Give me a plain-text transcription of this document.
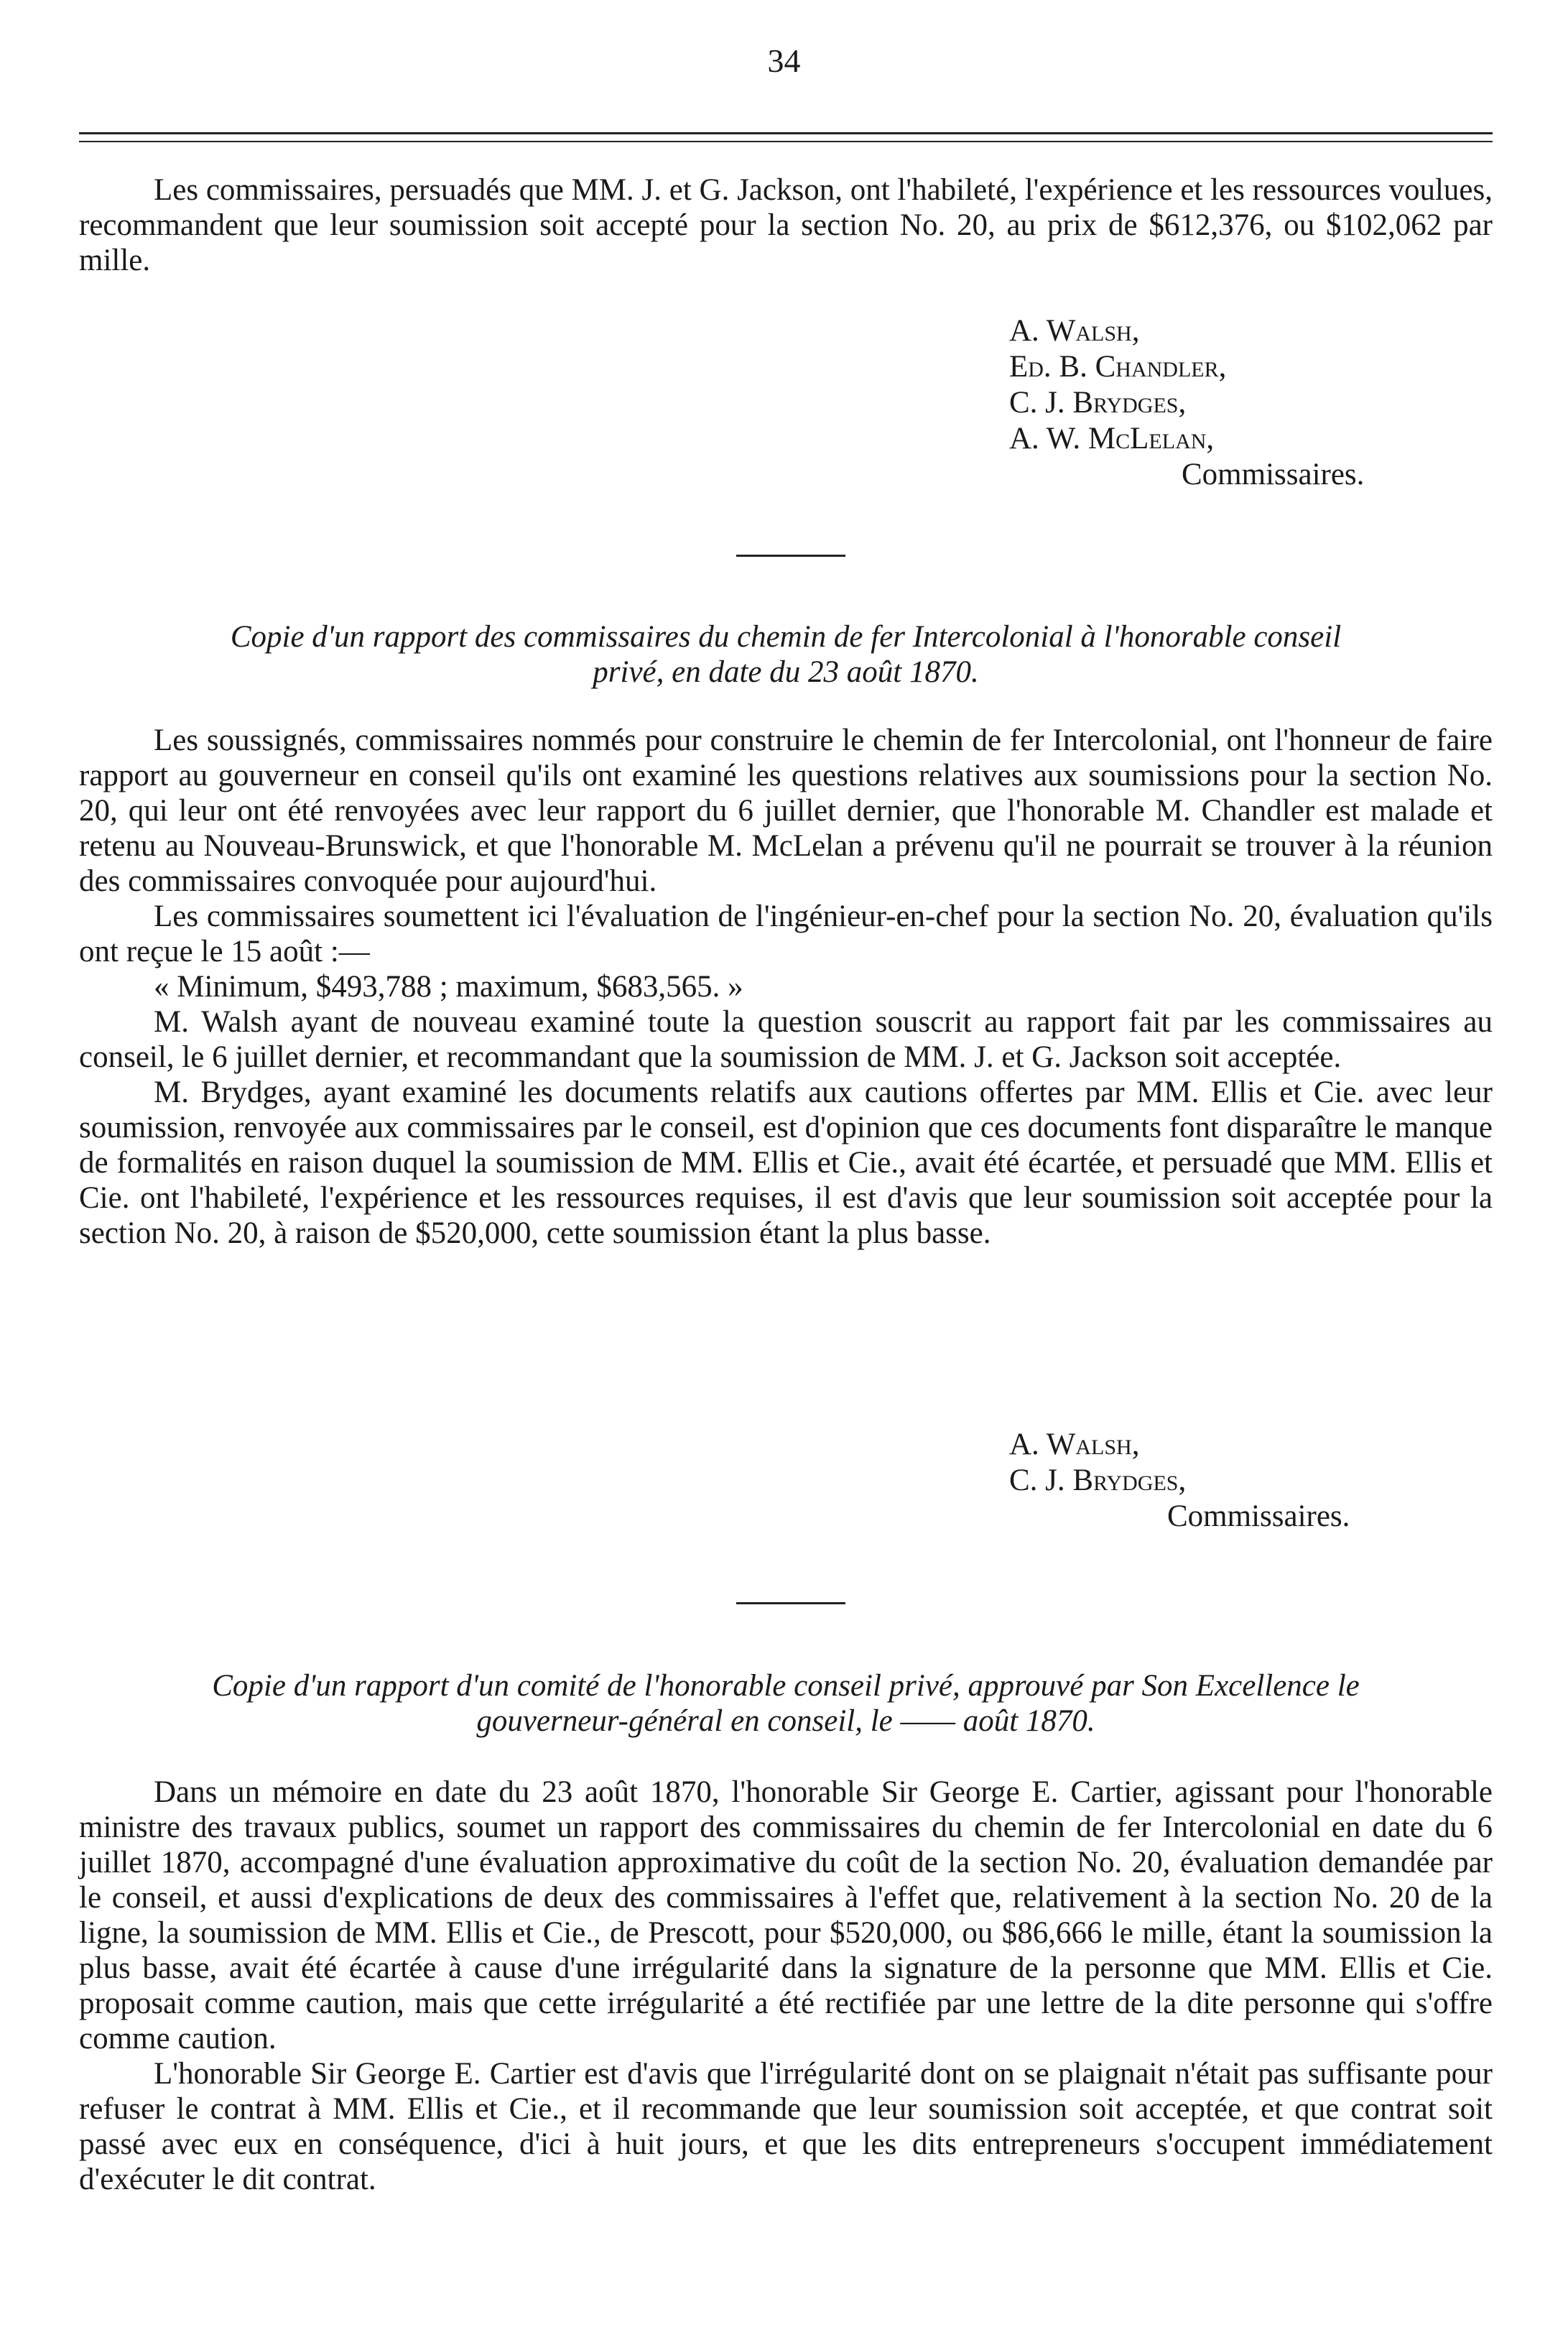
34

Les commissaires, persuadés que MM. J. et G. Jackson, ont l'habileté, l'expérience et les ressources voulues, recommandent que leur soumission soit accepté pour la section No. 20, au prix de $612,376, ou $102,062 par mille.

A. Walsh,
Ed. B. Chandler,
C. J. Brydges,
A. W. McLelan,
Commissaires.
Copie d'un rapport des commissaires du chemin de fer Intercolonial à l'honorable conseil
privé, en date du 23 août 1870.

Les soussignés, commissaires nommés pour construire le chemin de fer Intercolonial, ont l'honneur de faire rapport au gouverneur en conseil qu'ils ont examiné les questions relatives aux soumissions pour la section No. 20, qui leur ont été renvoyées avec leur rapport du 6 juillet dernier, que l'honorable M. Chandler est malade et retenu au Nouveau-Brunswick, et que l'honorable M. McLelan a prévenu qu'il ne pourrait se trouver à la réunion des commissaires convoquée pour aujourd'hui.

Les commissaires soumettent ici l'évaluation de l'ingénieur-en-chef pour la section No. 20, évaluation qu'ils ont reçue le 15 août :—

« Minimum, $493,788 ; maximum, $683,565. »

M. Walsh ayant de nouveau examiné toute la question souscrit au rapport fait par les commissaires au conseil, le 6 juillet dernier, et recommandant que la soumission de MM. J. et G. Jackson soit acceptée.

M. Brydges, ayant examiné les documents relatifs aux cautions offertes par MM. Ellis et Cie. avec leur soumission, renvoyée aux commissaires par le conseil, est d'opinion que ces documents font disparaître le manque de formalités en raison duquel la soumission de MM. Ellis et Cie., avait été écartée, et persuadé que MM. Ellis et Cie. ont l'habileté, l'expérience et les ressources requises, il est d'avis que leur soumission soit acceptée pour la section No. 20, à raison de $520,000, cette soumission étant la plus basse.

A. Walsh,
C. J. Brydges,
Commissaires.
Copie d'un rapport d'un comité de l'honorable conseil privé, approuvé par Son Excellence le
gouverneur-général en conseil, le —— août 1870.

Dans un mémoire en date du 23 août 1870, l'honorable Sir George E. Cartier, agissant pour l'honorable ministre des travaux publics, soumet un rapport des commissaires du chemin de fer Intercolonial en date du 6 juillet 1870, accompagné d'une évaluation approximative du coût de la section No. 20, évaluation demandée par le conseil, et aussi d'explications de deux des commissaires à l'effet que, relativement à la section No. 20 de la ligne, la soumission de MM. Ellis et Cie., de Prescott, pour $520,000, ou $86,666 le mille, étant la soumission la plus basse, avait été écartée à cause d'une irrégularité dans la signature de la personne que MM. Ellis et Cie. proposait comme caution, mais que cette irrégularité a été rectifiée par une lettre de la dite personne qui s'offre comme caution.

L'honorable Sir George E. Cartier est d'avis que l'irrégularité dont on se plaignait n'était pas suffisante pour refuser le contrat à MM. Ellis et Cie., et il recommande que leur soumission soit acceptée, et que contrat soit passé avec eux en conséquence, d'ici à huit jours, et que les dits entrepreneurs s'occupent immédiatement d'exécuter le dit contrat.
